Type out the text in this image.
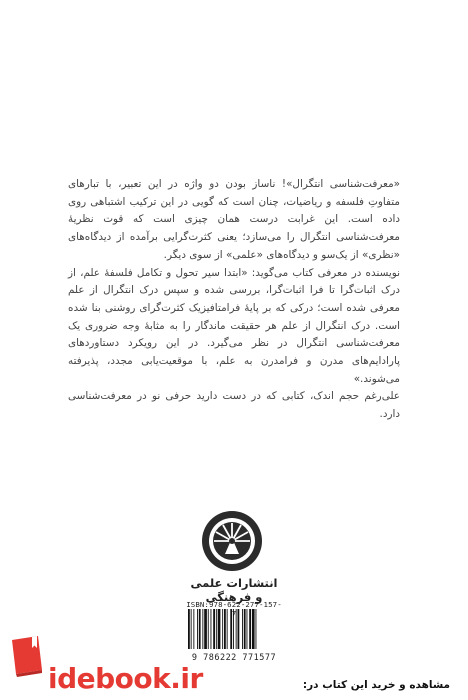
«معرفت‌شناسی انتگرال»! ناساز بودن دو واژه در این تعبیر، با تبارهای متفاوتِ فلسفه و ریاضیات، چنان است که گویی در این ترکیب اشتباهی روی داده است. این غرابت درست همان چیزی است که قوت نظریهٔ معرفت‌شناسی انتگرال را می‌سازد؛ یعنی کثرت‌گرایی برآمده از دیدگاه‌های «نظری» از یک‌سو و دیدگاه‌های «علمی» از سوی دیگر.

نویسنده در معرفی کتاب می‌گوید: «ابتدا سیر تحول و تکامل فلسفهٔ علم، از درک اثبات‌گرا تا فرا اثبات‌گرا، بررسی شده و سپس درک انتگرال از علم معرفی شده است؛ درکی که بر پایهٔ فرامتافیزیک کثرت‌گرای روشنی بنا شده است. درک انتگرال از علم هر حقیقت ماندگار را به مثابهٔ وجه ضروری یک معرفت‌شناسی انتگرال در نظر می‌گیرد. در این رویکرد دستاوردهای پارادایم‌های مدرن و فرامدرن به علم، با موقعیت‌یابی مجدد، پذیرفته می‌شوند.»

علی‌رغم حجم اندک، کتابی که در دست دارید حرفی نو در معرفت‌شناسی دارد.

انتشارات علمی و فرهنگی
ISBN:978-622-277-157-7
9 786222 771577
idebook.ir	مشاهده و خرید این کتاب در:
